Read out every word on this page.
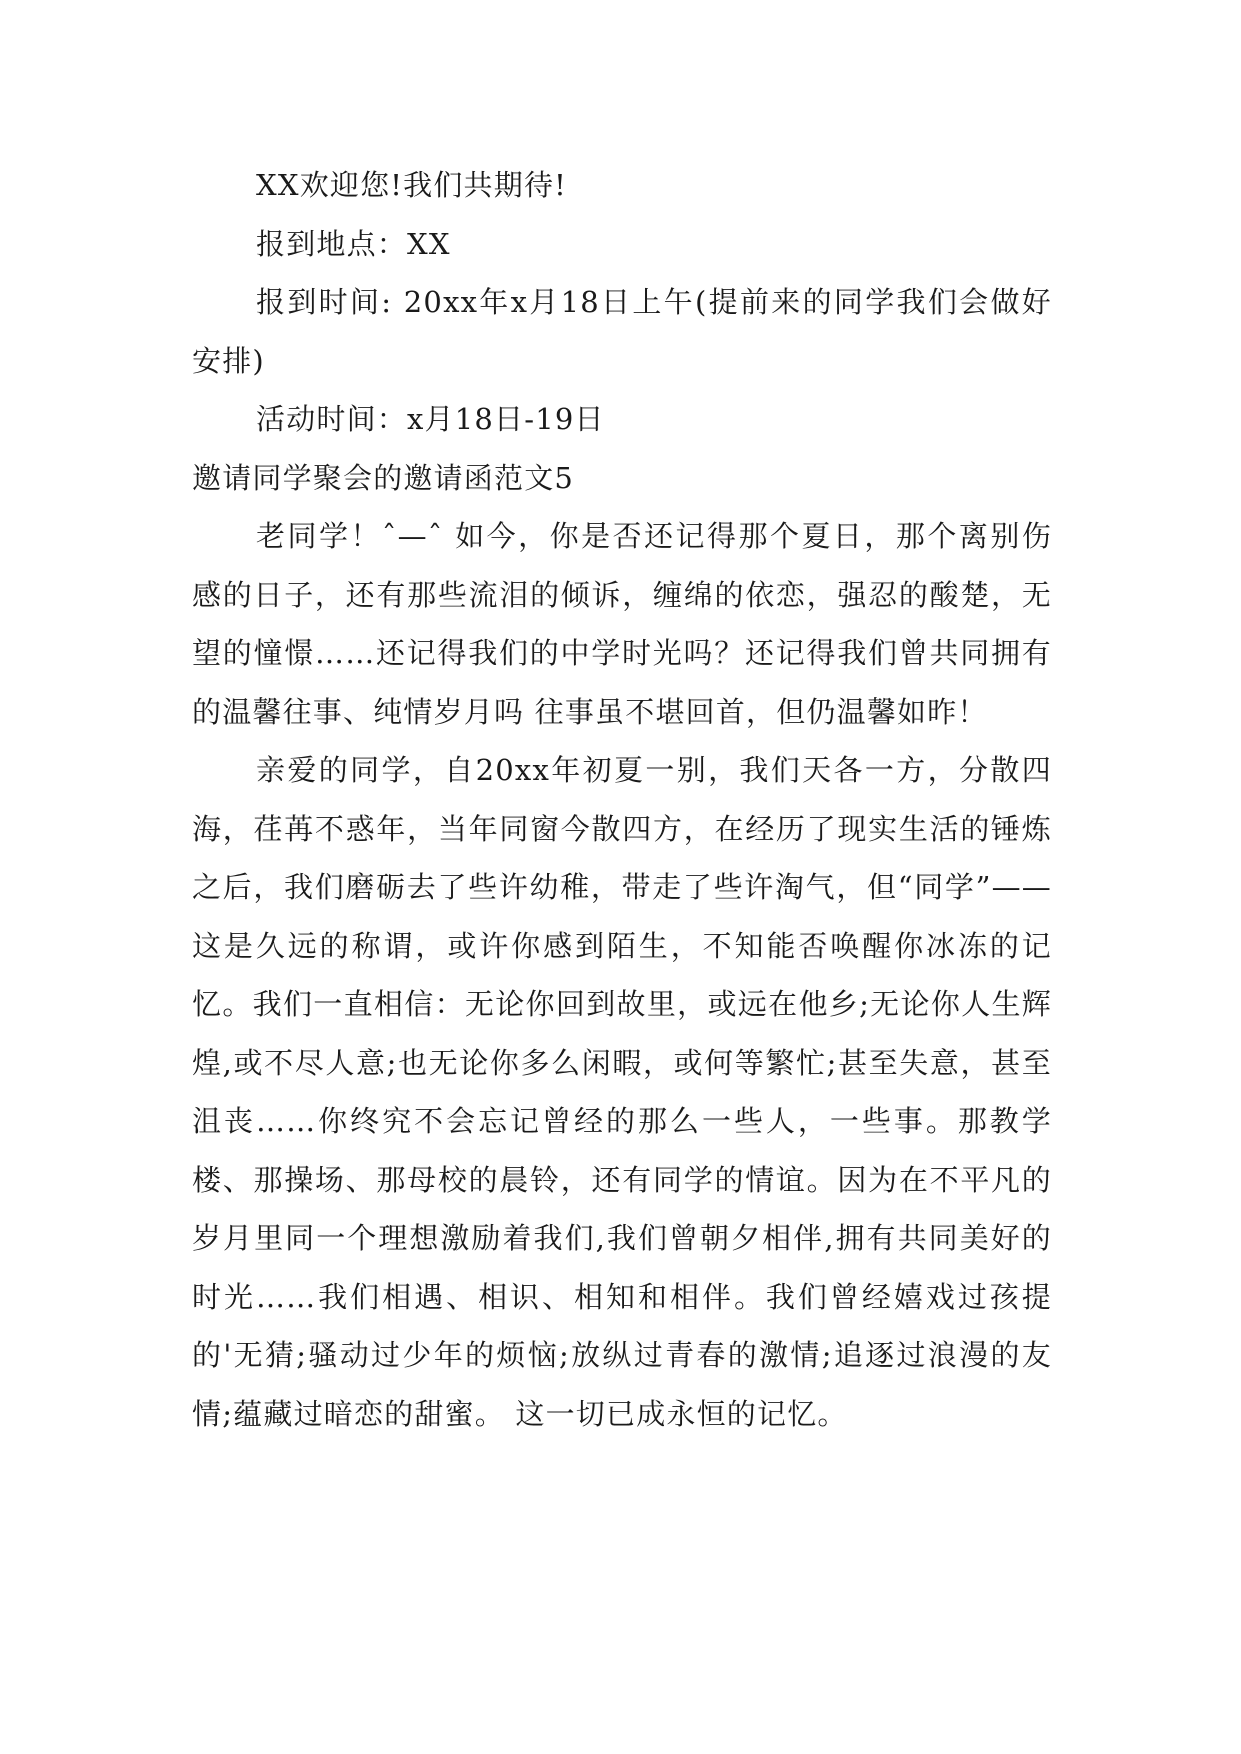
XX欢迎您!我们共期待!

报到地点：XX

报到时间: 20xx年x月18日上午(提前来的同学我们会做好安排)

活动时间：x月18日-19日

邀请同学聚会的邀请函范文5

老同学！ˆ—ˆ 如今，你是否还记得那个夏日，那个离别伤感的日子，还有那些流泪的倾诉，缠绵的依恋，强忍的酸楚，无望的憧憬……还记得我们的中学时光吗？还记得我们曾共同拥有的温馨往事、纯情岁月吗 往事虽不堪回首，但仍温馨如昨！

亲爱的同学，自20xx年初夏一别，我们天各一方，分散四海，荏苒不惑年，当年同窗今散四方，在经历了现实生活的锤炼之后，我们磨砺去了些许幼稚，带走了些许淘气，但“同学”——这是久远的称谓，或许你感到陌生，不知能否唤醒你冰冻的记忆。我们一直相信：无论你回到故里，或远在他乡;无论你人生辉煌,或不尽人意;也无论你多么闲暇，或何等繁忙;甚至失意，甚至沮丧……你终究不会忘记曾经的那么一些人，一些事。那教学楼、那操场、那母校的晨铃，还有同学的情谊。因为在不平凡的岁月里同一个理想激励着我们,我们曾朝夕相伴,拥有共同美好的时光……我们相遇、相识、相知和相伴。我们曾经嬉戏过孩提的'无猜;骚动过少年的烦恼;放纵过青春的激情;追逐过浪漫的友情;蕴藏过暗恋的甜蜜。 这一切已成永恒的记忆。
